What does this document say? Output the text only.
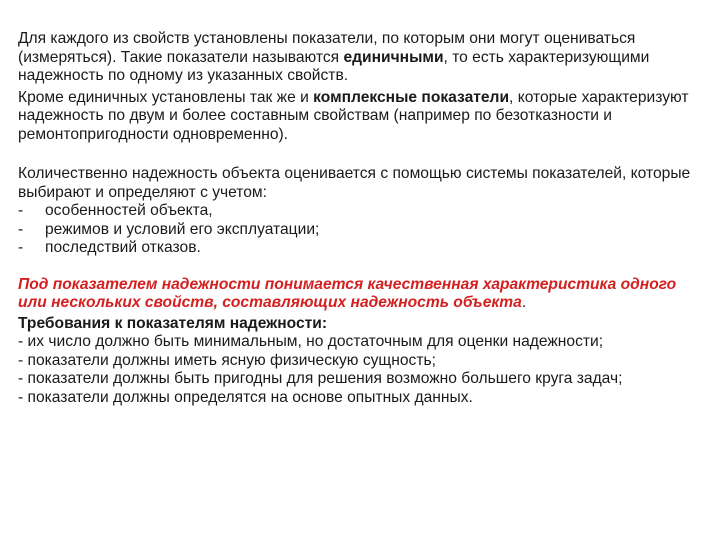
Для каждого из свойств установлены показатели, по которым они могут оцениваться (измеряться). Такие показатели называются единичными, то есть характеризующими надежность по одному из указанных свойств.

Кроме единичных установлены так же и комплексные показатели, которые характеризуют надежность по двум и более составным свойствам (например по безотказности и ремонтопригодности одновременно).

Количественно надежность объекта оценивается с помощью системы показателей, которые выбирают и определяют с учетом:

-	особенностей объекта,
-	режимов и условий его эксплуатации;
-	последствий отказов.

Под показателем надежности понимается качественная характеристика одного или нескольких свойств, составляющих надежность объекта.

Требования к показателям надежности:

- их число должно быть минимальным, но достаточным для оценки надежности;

- показатели должны иметь ясную физическую сущность;

- показатели должны быть пригодны для решения возможно большего круга задач;

- показатели должны определятся на основе опытных данных.
